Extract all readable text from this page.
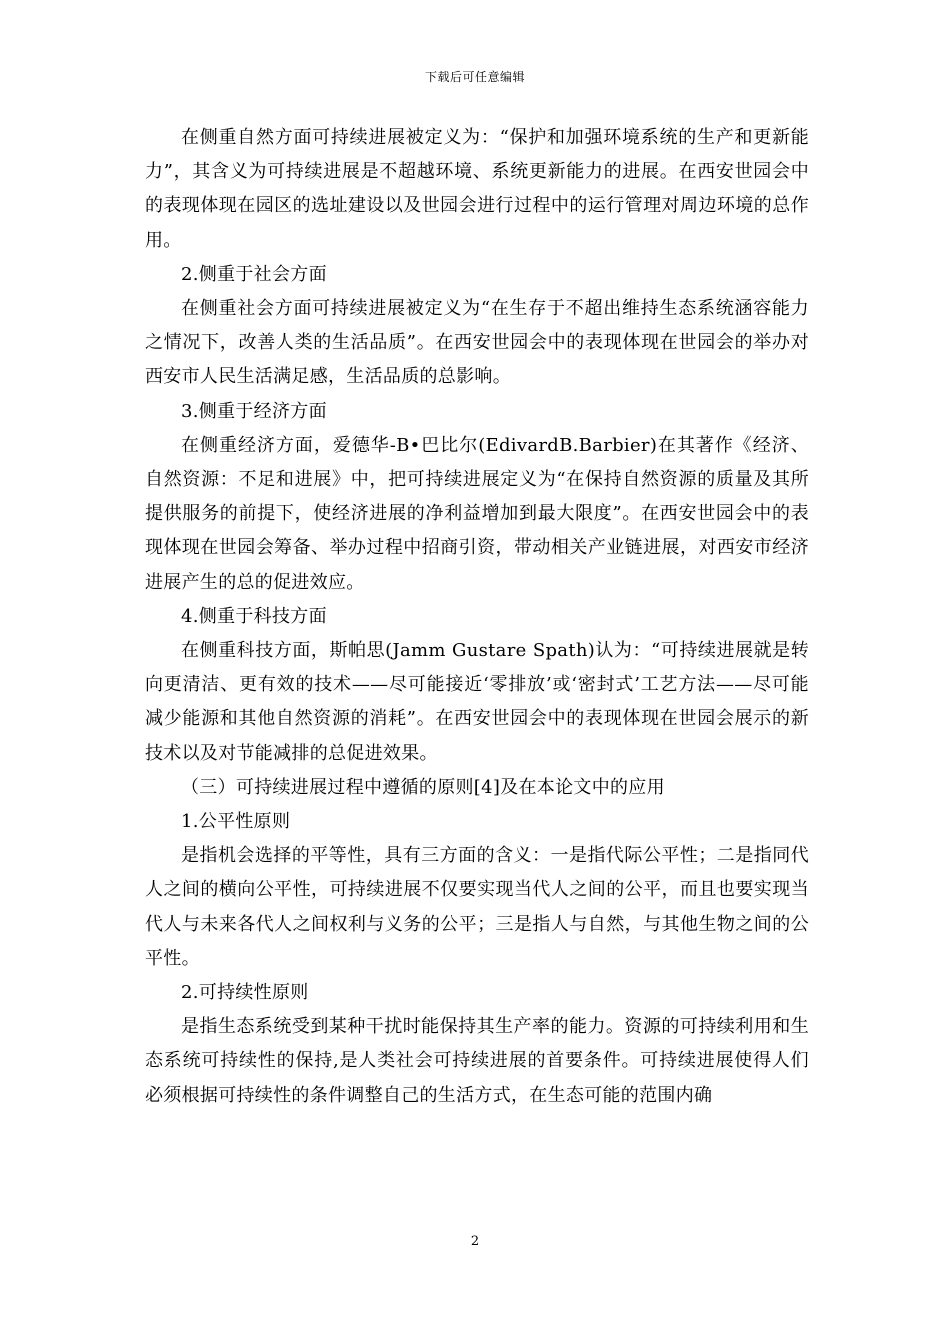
下载后可任意编辑

在侧重自然方面可持续进展被定义为：“保护和加强环境系统的生产和更新能力”，其含义为可持续进展是不超越环境、系统更新能力的进展。在西安世园会中的表现体现在园区的选址建设以及世园会进行过程中的运行管理对周边环境的总作用。

2.侧重于社会方面

在侧重社会方面可持续进展被定义为“在生存于不超出维持生态系统涵容能力之情况下，改善人类的生活品质”。在西安世园会中的表现体现在世园会的举办对西安市人民生活满足感，生活品质的总影响。

3.侧重于经济方面

在侧重经济方面，爱德华-B•巴比尔(EdivardB.Barbier)在其著作《经济、自然资源：不足和进展》中，把可持续进展定义为“在保持自然资源的质量及其所提供服务的前提下，使经济进展的净利益增加到最大限度”。在西安世园会中的表现体现在世园会筹备、举办过程中招商引资，带动相关产业链进展，对西安市经济进展产生的总的促进效应。

4.侧重于科技方面

在侧重科技方面，斯帕思(Jamm Gustare Spath)认为：“可持续进展就是转向更清洁、更有效的技术——尽可能接近‘零排放’或‘密封式’工艺方法——尽可能减少能源和其他自然资源的消耗”。在西安世园会中的表现体现在世园会展示的新技术以及对节能减排的总促进效果。

（三）可持续进展过程中遵循的原则[4]及在本论文中的应用

1.公平性原则

是指机会选择的平等性，具有三方面的含义：一是指代际公平性；二是指同代人之间的横向公平性，可持续进展不仅要实现当代人之间的公平，而且也要实现当代人与未来各代人之间权利与义务的公平；三是指人与自然，与其他生物之间的公平性。

2.可持续性原则

是指生态系统受到某种干扰时能保持其生产率的能力。资源的可持续利用和生态系统可持续性的保持,是人类社会可持续进展的首要条件。可持续进展使得人们必须根据可持续性的条件调整自己的生活方式，在生态可能的范围内确

2
